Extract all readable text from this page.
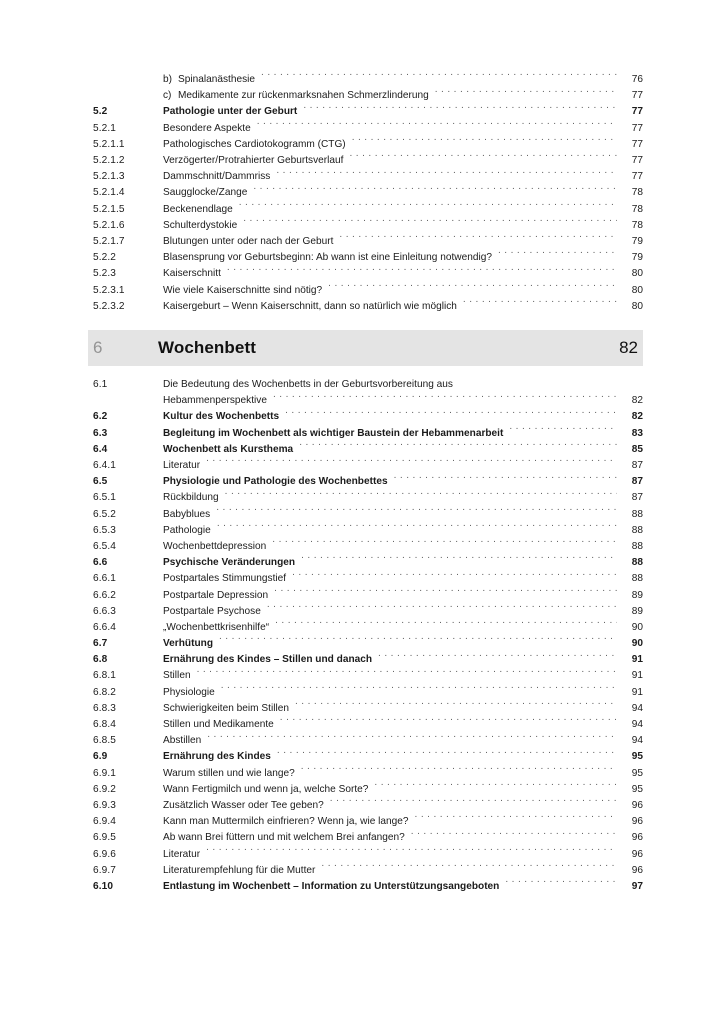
b) Spinalanästhesie . . .	76
c) Medikamente zur rückenmarksnahen Schmerzlinderung . . .	77
5.2	Pathologie unter der Geburt . . .	77
5.2.1	Besondere Aspekte . . .	77
5.2.1.1	Pathologisches Cardiotokogramm (CTG) . . .	77
5.2.1.2	Verzögerter/Protrahierter Geburtsverlauf . . .	77
5.2.1.3	Dammschnitt/Dammriss . . .	77
5.2.1.4	Saugglocke/Zange . . .	78
5.2.1.5	Beckenendlage . . .	78
5.2.1.6	Schulterdystokie . . .	78
5.2.1.7	Blutungen unter oder nach der Geburt . . .	79
5.2.2	Blasensprung vor Geburtsbeginn: Ab wann ist eine Einleitung notwendig? . . .	79
5.2.3	Kaiserschnitt . . .	80
5.2.3.1	Wie viele Kaiserschnitte sind nötig? . . .	80
5.2.3.2	Kaisergeburt – Wenn Kaiserschnitt, dann so natürlich wie möglich . . .	80
6	Wochenbett	82
6.1	Die Bedeutung des Wochenbetts in der Geburtsvorbereitung aus
Hebammenperspektive . . .	82
6.2	Kultur des Wochenbetts . . .	82
6.3	Begleitung im Wochenbett als wichtiger Baustein der Hebammenarbeit . . .	83
6.4	Wochenbett als Kursthema . . .	85
6.4.1	Literatur . . .	87
6.5	Physiologie und Pathologie des Wochenbettes . . .	87
6.5.1	Rückbildung . . .	87
6.5.2	Babyblues . . .	88
6.5.3	Pathologie . . .	88
6.5.4	Wochenbettdepression . . .	88
6.6	Psychische Veränderungen . . .	88
6.6.1	Postpartales Stimmungstief . . .	88
6.6.2	Postpartale Depression . . .	89
6.6.3	Postpartale Psychose . . .	89
6.6.4	„Wochenbettkrisenhilfe“ . . .	90
6.7	Verhütung . . .	90
6.8	Ernährung des Kindes – Stillen und danach . . .	91
6.8.1	Stillen . . .	91
6.8.2	Physiologie . . .	91
6.8.3	Schwierigkeiten beim Stillen . . .	94
6.8.4	Stillen und Medikamente . . .	94
6.8.5	Abstillen . . .	94
6.9	Ernährung des Kindes . . .	95
6.9.1	Warum stillen und wie lange? . . .	95
6.9.2	Wann Fertigmilch und wenn ja, welche Sorte? . . .	95
6.9.3	Zusätzlich Wasser oder Tee geben? . . .	96
6.9.4	Kann man Muttermilch einfrieren? Wenn ja, wie lange? . . .	96
6.9.5	Ab wann Brei füttern und mit welchem Brei anfangen? . . .	96
6.9.6	Literatur . . .	96
6.9.7	Literaturempfehlung für die Mutter . . .	96
6.10	Entlastung im Wochenbett – Information zu Unterstützungsangeboten . . .	97
